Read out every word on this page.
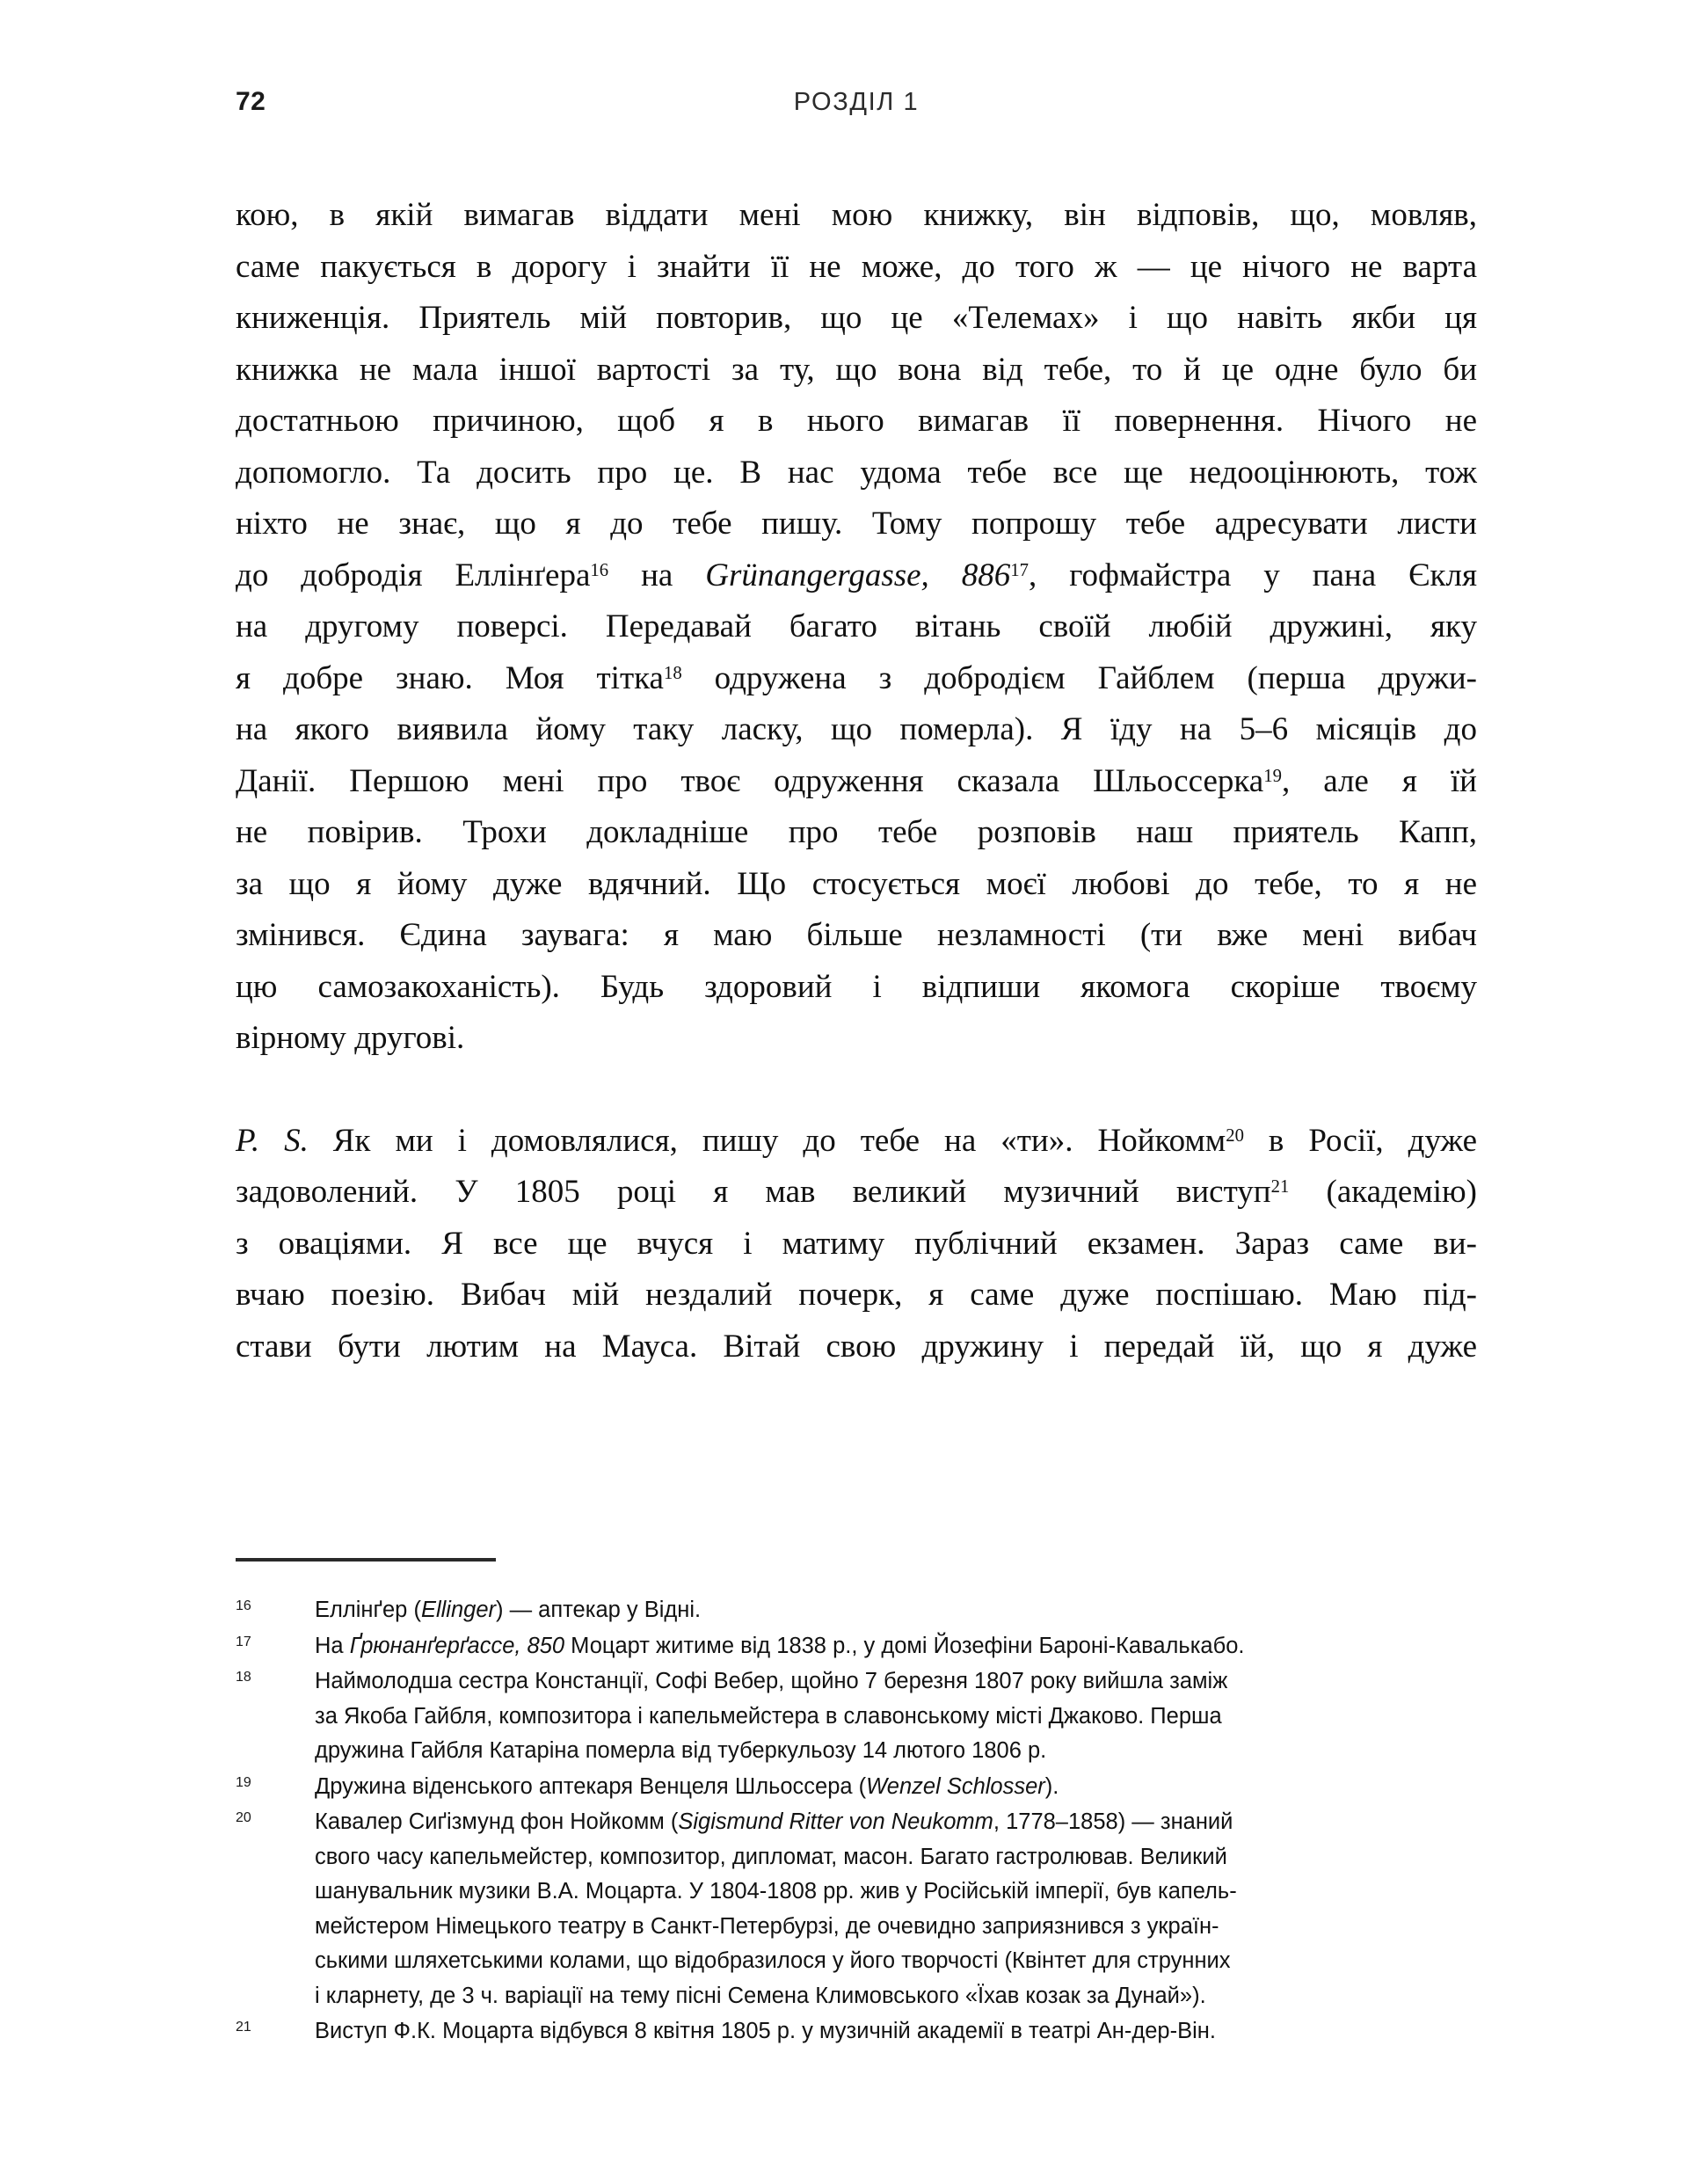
72	РОЗДІЛ 1

кою, в якій вимагав віддати мені мою книжку, він відповів, що, мовляв,
саме пакується в дорогу і знайти її не може, до того ж — це нічого не варта
книженція. Приятель мій повторив, що це «Телемах» і що навіть якби ця
книжка не мала іншої вартості за ту, що вона від тебе, то й це одне було би
достатньою причиною, щоб я в нього вимагав її повернення. Нічого не
допомогло. Та досить про це. В нас удома тебе все ще недооцінюють, тож
ніхто не знає, що я до тебе пишу. Тому попрошу тебе адресувати листи
до добродія Еллінґера$^{16}$ на Grünangergasse, $886^{17}$, гофмайстра у пана Єкля
на другому поверсі. Передавай багато вітань своїй любій дружині, яку
я добре знаю. Моя тітка$^{18}$ одружена з добродієм Гайблем (перша дружи-
на якого виявила йому таку ласку, що померла). Я їду на 5–6 місяців до
Данії. Першою мені про твоє одруження сказала Шльоссерка$^{19}$, але я їй
не повірив. Трохи докладніше про тебе розповів наш приятель Капп,
за що я йому дуже вдячний. Що стосується моєї любові до тебе, то я не
змінився. Єдина заувага: я маю більше незламності (ти вже мені вибач
цю самозакоханість). Будь здоровий і відпиши якомога скоріше твоєму
вірному другові.

P. S. Як ми і домовлялися, пишу до тебе на «ти». Нойкомм$^{20}$ в Росії, дуже
задоволений. У 1805 році я мав великий музичний виступ$^{21}$ (академію)
з оваціями. Я все ще вчуся і матиму публічний екзамен. Зараз саме ви-
вчаю поезію. Вибач мій нездалий почерк, я саме дуже поспішаю. Маю під-
стави бути лютим на Мауса. Вітай свою дружину і передай їй, що я дуже

16	Еллінґер (Ellinger) — аптекар у Відні.
17	На Ґрюнанґерґассе, 850 Моцарт житиме від 1838 р., у домі Йозефіни Бароні-Кавалькабо.
18	Наймолодша сестра Констанції, Софі Вебер, щойно 7 березня 1807 року вийшла заміж
за Якоба Гайбля, композитора і капельмейстера в славонському місті Джаково. Перша
дружина Гайбля Катаріна померла від туберкульозу 14 лютого 1806 р.
19	Дружина віденського аптекаря Венцеля Шльоссера (Wenzel Schlosser).
20	Кавалер Сиґізмунд фон Нойкомм (Sigismund Ritter von Neukomm, 1778–1858) — знаний
свого часу капельмейстер, композитор, дипломат, масон. Багато гастролював. Великий
шанувальник музики В.А. Моцарта. У 1804-1808 рр. жив у Російській імперії, був капель-
мейстером Німецького театру в Санкт-Петербурзі, де очевидно заприязнився з україн-
ськими шляхетськими колами, що відобразилося у його творчості (Квінтет для струнних
і кларнету, де 3 ч. варіації на тему пісні Семена Климовського «Їхав козак за Дунай»).
21	Виступ Ф.К. Моцарта відбувся 8 квітня 1805 р. у музичній академії в театрі Ан-дер-Він.
